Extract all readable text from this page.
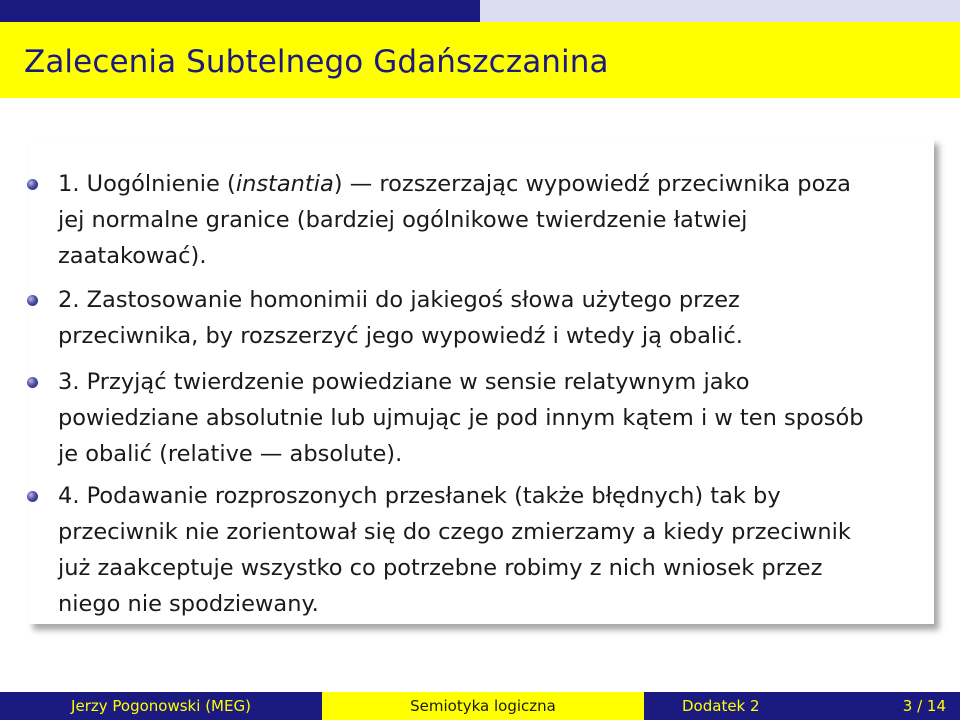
Zalecenia Subtelnego Gdańszczanina
1. Uogólnienie (instantia) — rozszerzając wypowiedź przeciwnika poza jej normalne granice (bardziej ogólnikowe twierdzenie łatwiej zaatakować).
2. Zastosowanie homonimii do jakiegoś słowa użytego przez przeciwnika, by rozszerzyć jego wypowiedź i wtedy ją obalić.
3. Przyjąć twierdzenie powiedziane w sensie relatywnym jako powiedziane absolutnie lub ujmując je pod innym kątem i w ten sposób je obalić (relative — absolute).
4. Podawanie rozproszonych przesłanek (także błędnych) tak by przeciwnik nie zorientował się do czego zmierzamy a kiedy przeciwnik już zaakceptuje wszystko co potrzebne robimy z nich wniosek przez niego nie spodziewany.
Jerzy Pogonowski
(MEG)	Semiotyka logiczna	Dodatek 2	3 / 14
